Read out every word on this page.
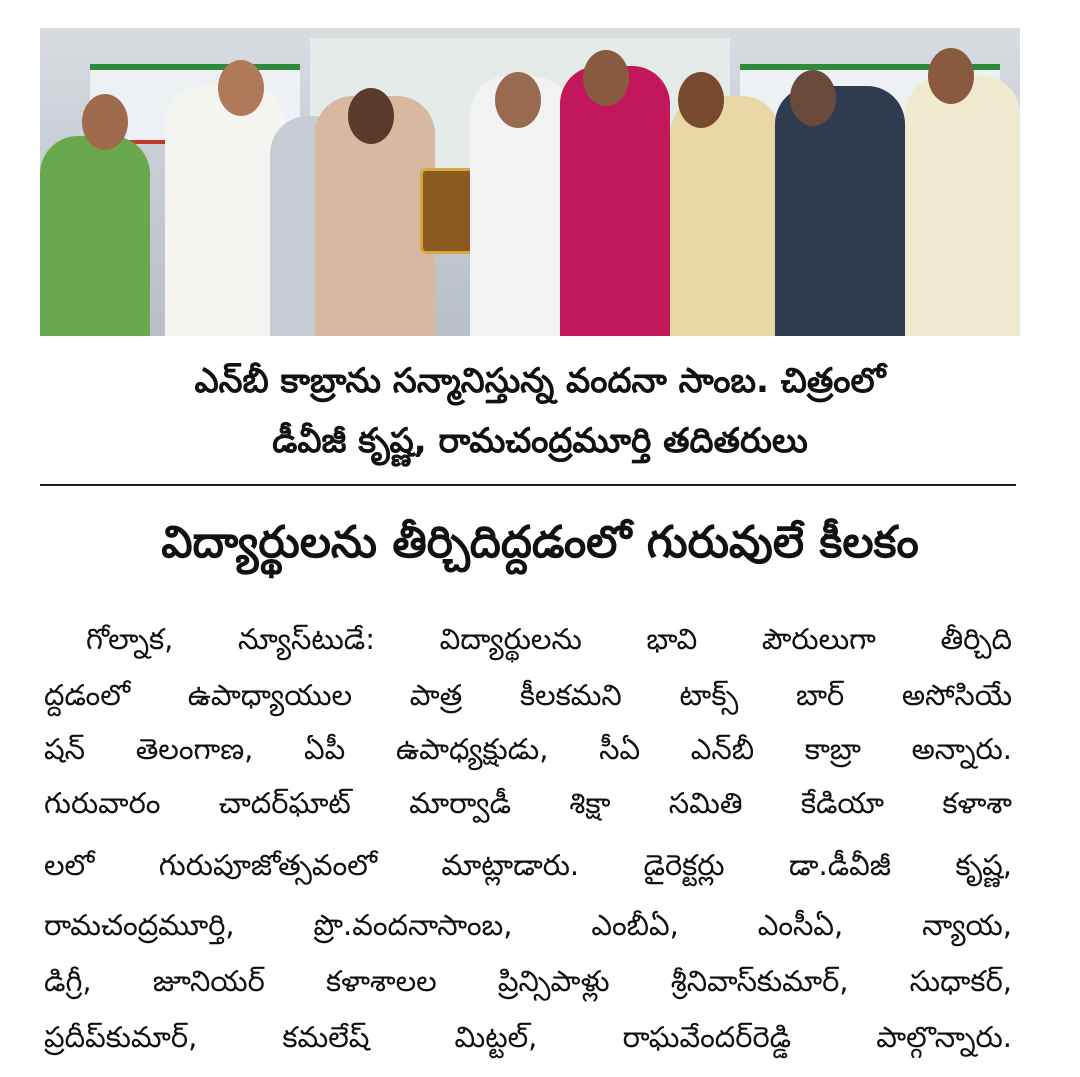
ఎన్‌బీ కాబ్రాను సన్మానిస్తున్న వందనా సాంబ. చిత్రంలో
డీవీజీ కృష్ణ, రామచంద్రమూర్తి తదితరులు
విద్యార్థులను తీర్చిదిద్దడంలో గురువులే కీలకం
గోల్నాక, న్యూస్‌టుడే: విద్యార్థులను భావి పౌరులుగా తీర్చిది
ద్దడంలో ఉపాధ్యాయుల పాత్ర కీలకమని టాక్స్ బార్ అసోసియే
షన్ తెలంగాణ, ఏపీ ఉపాధ్యక్షుడు, సీఏ ఎన్‌బీ కాబ్రా అన్నారు.
గురువారం చాదర్‌ఘాట్ మార్వాడీ శిక్షా సమితి కేడియా కళాశా
లలో గురుపూజోత్సవంలో మాట్లాడారు. డైరెక్టర్లు డా.డీవీజీ కృష్ణ,
రామచంద్రమూర్తి, ప్రొ.వందనాసాంబ, ఎంబీఏ, ఎంసీఏ, న్యాయ,
డిగ్రీ, జూనియర్ కళాశాలల ప్రిన్సిపాళ్లు శ్రీనివాస్‌కుమార్, సుధాకర్,
ప్రదీప్‌కుమార్, కమలేష్ మిట్టల్, రాఘవేందర్‌రెడ్డి పాల్గొన్నారు.
